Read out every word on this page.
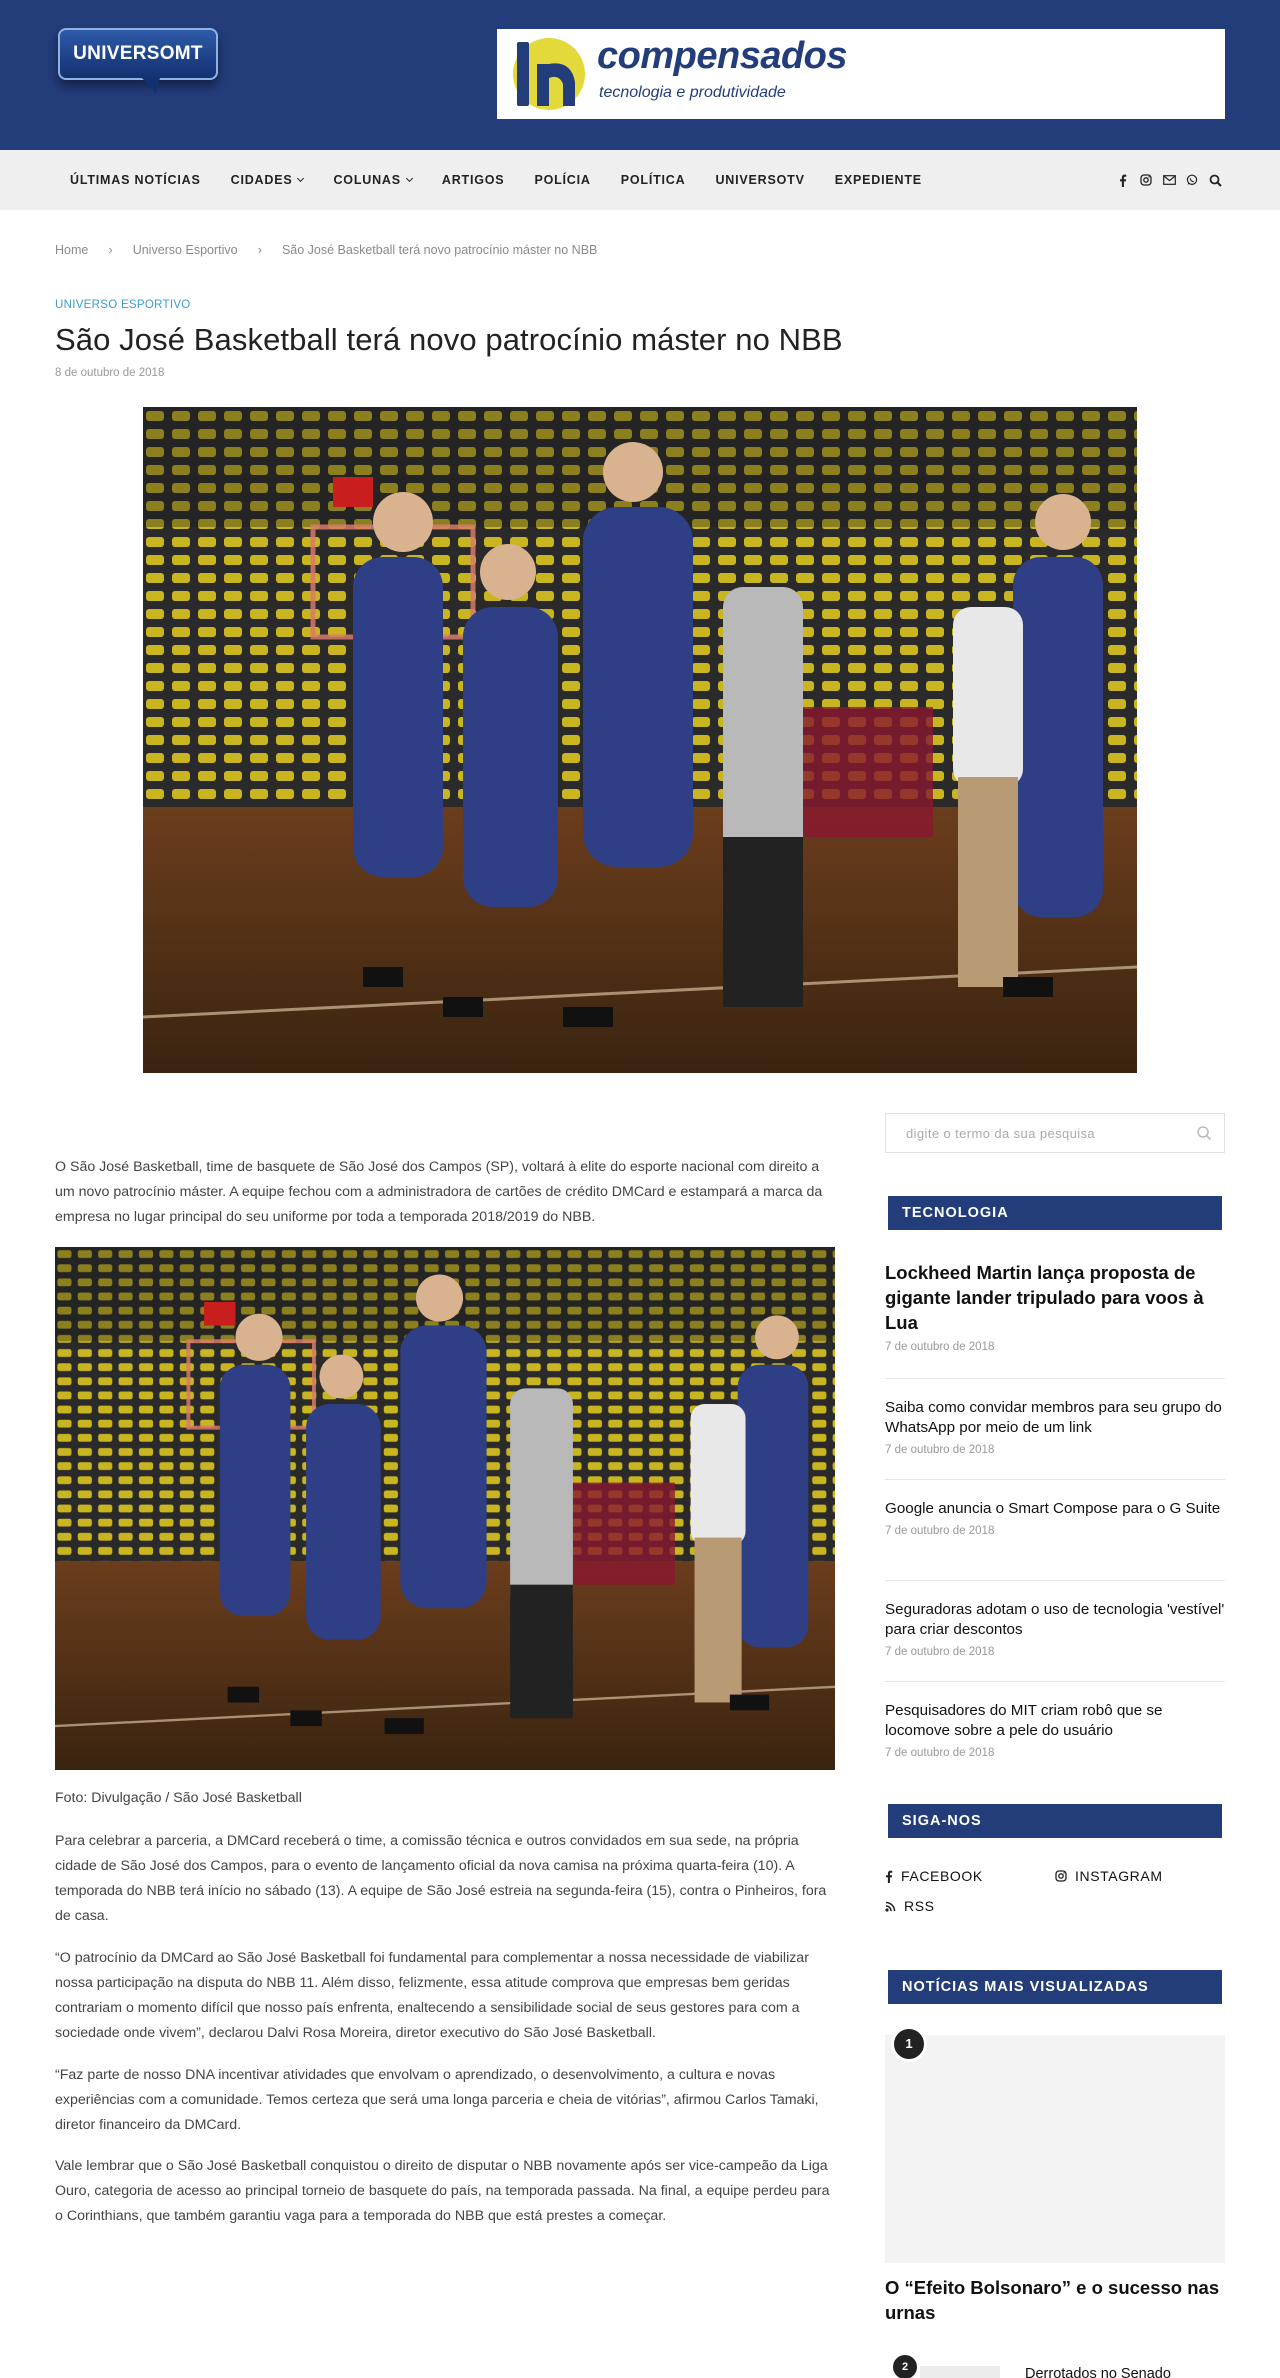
UNIVERSOMT	compensados
tecnologia e produtividade
ÚLTIMAS NOTÍCIAS CIDADES	COLUNAS	ARTIGOS POLÍCIA POLÍTICA UNIVERSOTV EXPEDIENTE
Home › Universo Esportivo › São José Basketball terá novo patrocínio máster no NBB
UNIVERSO ESPORTIVO
São José Basketball terá novo patrocínio máster no NBB
8 de outubro de 2018

O São José Basketball, time de basquete de São José dos Campos (SP), voltará à elite do esporte nacional com direito a um novo patrocínio máster. A equipe fechou com a administradora de cartões de crédito DMCard e estampará a marca da empresa no lugar principal do seu uniforme por toda a temporada 2018/2019 do NBB.

Foto: Divulgação / São José Basketball

Para celebrar a parceria, a DMCard receberá o time, a comissão técnica e outros convidados em sua sede, na própria cidade de São José dos Campos, para o evento de lançamento oficial da nova camisa na próxima quarta-feira (10). A temporada do NBB terá início no sábado (13). A equipe de São José estreia na segunda-feira (15), contra o Pinheiros, fora de casa.

“O patrocínio da DMCard ao São José Basketball foi fundamental para complementar a nossa necessidade de viabilizar nossa participação na disputa do NBB 11. Além disso, felizmente, essa atitude comprova que empresas bem geridas contrariam o momento difícil que nosso país enfrenta, enaltecendo a sensibilidade social de seus gestores para com a sociedade onde vivem”, declarou Dalvi Rosa Moreira, diretor executivo do São José Basketball.

“Faz parte de nosso DNA incentivar atividades que envolvam o aprendizado, o desenvolvimento, a cultura e novas experiências com a comunidade. Temos certeza que será uma longa parceria e cheia de vitórias”, afirmou Carlos Tamaki, diretor financeiro da DMCard.

Vale lembrar que o São José Basketball conquistou o direito de disputar o NBB novamente após ser vice-campeão da Liga Ouro, categoria de acesso ao principal torneio de basquete do país, na temporada passada. Na final, a equipe perdeu para o Corinthians, que também garantiu vaga para a temporada do NBB que está prestes a começar.

digite o termo da sua pesquisa
TECNOLOGIA
Lockheed Martin lança proposta de gigante lander tripulado para voos à Lua
7 de outubro de 2018
Saiba como convidar membros para seu grupo do WhatsApp por meio de um link
7 de outubro de 2018
Google anuncia o Smart Compose para o G Suite
7 de outubro de 2018
Seguradoras adotam o uso de tecnologia 'vestível' para criar descontos
7 de outubro de 2018
Pesquisadores do MIT criam robô que se locomove sobre a pele do usuário
7 de outubro de 2018
SIGA-NOS
FACEBOOK	INSTAGRAM
RSS
NOTÍCIAS MAIS VISUALIZADAS
1
O “Efeito Bolsonaro” e o sucesso nas urnas
2	Derrotados no Senado
